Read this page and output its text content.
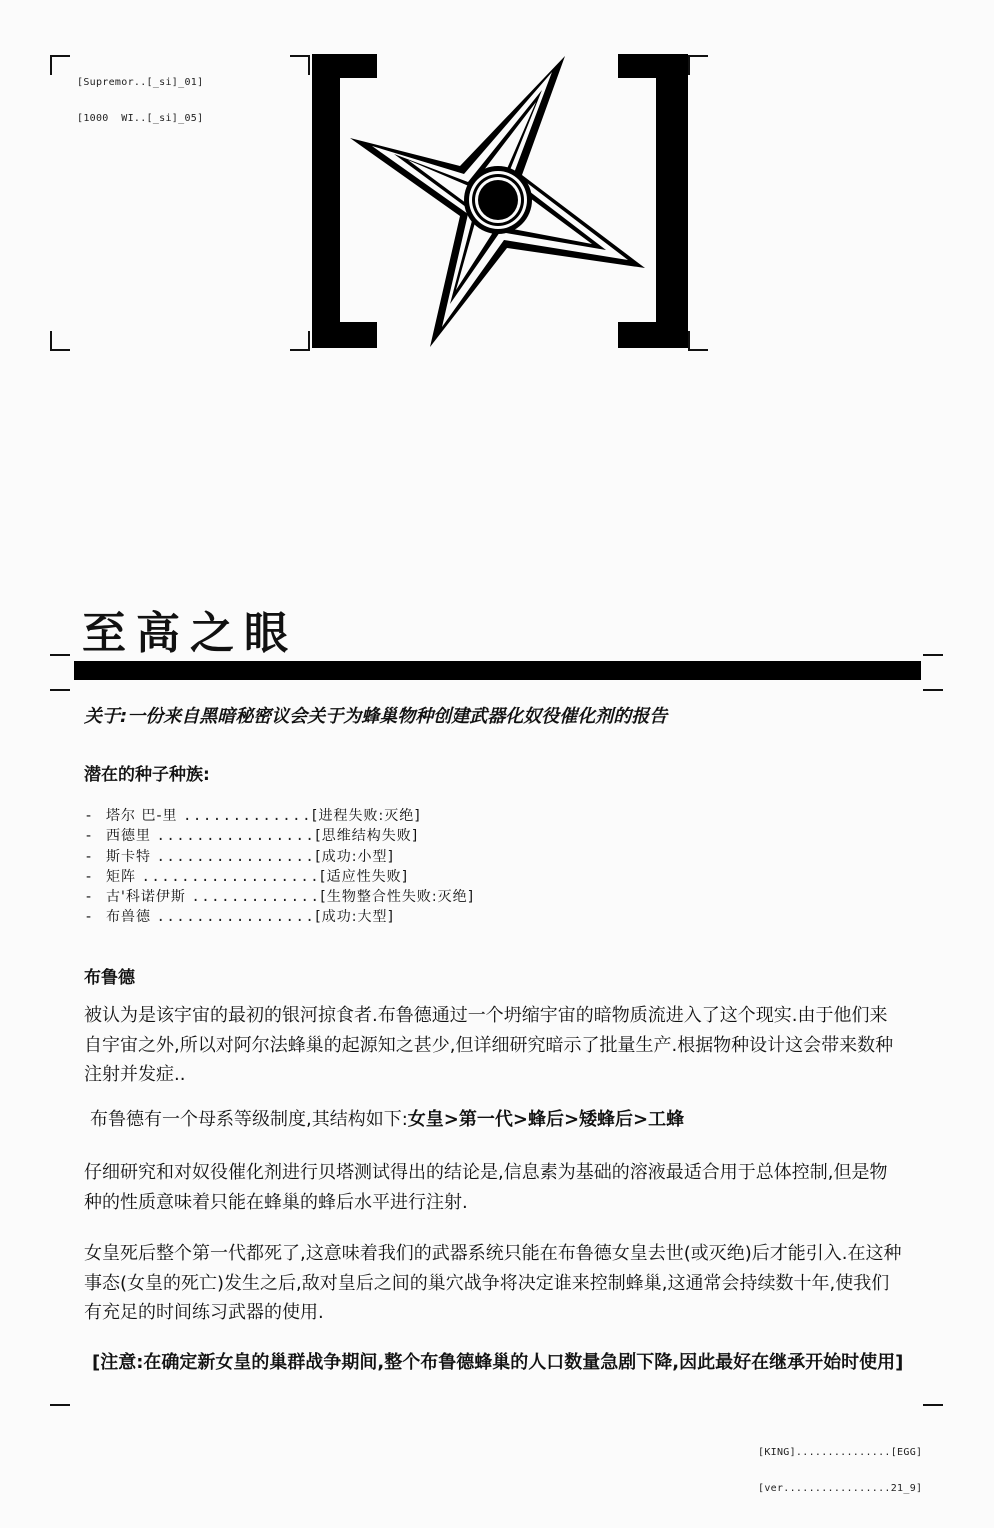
[Supremor..[_si]_01]

[1000  WI..[_si]_05]

至高之眼
关于:一份来自黑暗秘密议会关于为蜂巢物种创建武器化奴役催化剂的报告
潜在的种子种族:
- 塔尔 巴-里
............. [进程失败:灭绝]
- 西德里
................ [思维结构失败]
- 斯卡特
................ [成功:小型]
- 矩阵
.................. [适应性失败]
- 古'科诺伊斯
............. [生物整合性失败:灭绝]
- 布兽德
................ [成功:大型]
布鲁德
被认为是该宇宙的最初的银河掠食者.布鲁德通过一个坍缩宇宙的暗物质流进入了这个现实.由于他们来自宇宙之外,所以对阿尔法蜂巢的起源知之甚少,但详细研究暗示了批量生产.根据物种设计这会带来数种注射并发症..
布鲁德有一个母系等级制度,其结构如下:女皇>第一代>蜂后>矮蜂后>工蜂
仔细研究和对奴役催化剂进行贝塔测试得出的结论是,信息素为基础的溶液最适合用于总体控制,但是物种的性质意味着只能在蜂巢的蜂后水平进行注射.
女皇死后整个第一代都死了,这意味着我们的武器系统只能在布鲁德女皇去世(或灭绝)后才能引入.在这种事态(女皇的死亡)发生之后,敌对皇后之间的巢穴战争将决定谁来控制蜂巢,这通常会持续数十年,使我们有充足的时间练习武器的使用.
[注意:在确定新女皇的巢群战争期间,整个布鲁德蜂巢的人口数量急剧下降,因此最好在继承开始时使用]

[KING]...............[EGG]

[ver.................21_9]
